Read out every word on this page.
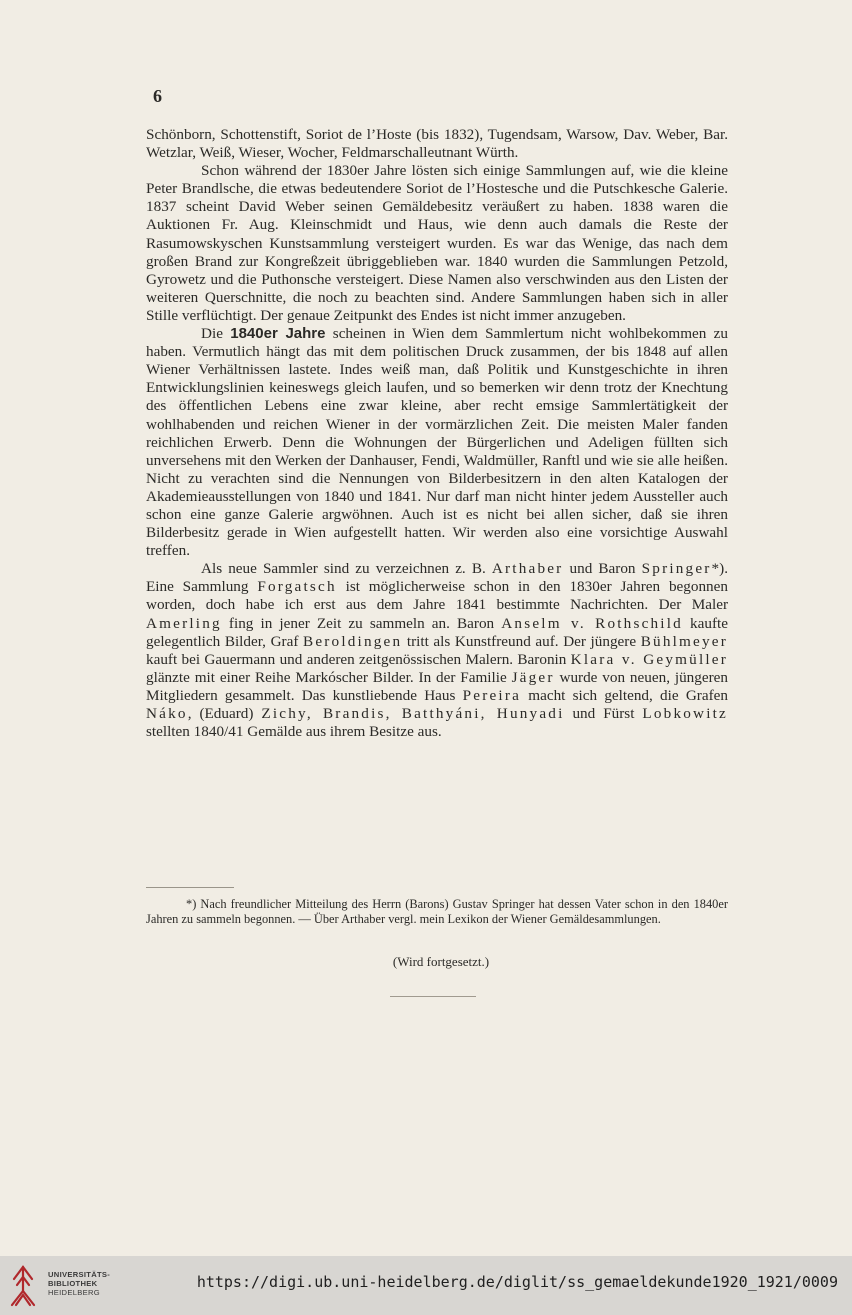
6

Schönborn, Schottenstift, Soriot de l’Hoste (bis 1832), Tugendsam, Warsow, Dav. Weber, Bar. Wetzlar, Weiß, Wieser, Wocher, Feldmarschalleutnant Würth.

Schon während der 1830er Jahre lösten sich einige Sammlungen auf, wie die kleine Peter Brandlsche, die etwas bedeutendere Soriot de l’Hostesche und die Putschkesche Galerie. 1837 scheint David Weber seinen Gemäldebesitz veräußert zu haben. 1838 waren die Auktionen Fr. Aug. Kleinschmidt und Haus, wie denn auch damals die Reste der Rasumowskyschen Kunstsammlung versteigert wurden. Es war das Wenige, das nach dem großen Brand zur Kongreßzeit übriggeblieben war. 1840 wurden die Sammlungen Petzold, Gyrowetz und die Puthonsche versteigert. Diese Namen also verschwinden aus den Listen der weiteren Querschnitte, die noch zu beachten sind. Andere Sammlungen haben sich in aller Stille verflüchtigt. Der genaue Zeitpunkt des Endes ist nicht immer anzugeben.

Die 1840er Jahre scheinen in Wien dem Sammlertum nicht wohlbekommen zu haben. Vermutlich hängt das mit dem politischen Druck zusammen, der bis 1848 auf allen Wiener Verhältnissen lastete. Indes weiß man, daß Politik und Kunstgeschichte in ihren Entwicklungslinien keineswegs gleich laufen, und so bemerken wir denn trotz der Knechtung des öffentlichen Lebens eine zwar kleine, aber recht emsige Sammlertätigkeit der wohlhabenden und reichen Wiener in der vormärzlichen Zeit. Die meisten Maler fanden reichlichen Erwerb. Denn die Wohnungen der Bürgerlichen und Adeligen füllten sich unversehens mit den Werken der Danhauser, Fendi, Waldmüller, Ranftl und wie sie alle heißen. Nicht zu verachten sind die Nennungen von Bilderbesitzern in den alten Katalogen der Akademieausstellungen von 1840 und 1841. Nur darf man nicht hinter jedem Aussteller auch schon eine ganze Galerie argwöhnen. Auch ist es nicht bei allen sicher, daß sie ihren Bilderbesitz gerade in Wien aufgestellt hatten. Wir werden also eine vorsichtige Auswahl treffen.

Als neue Sammler sind zu verzeichnen z. B. Arthaber und Baron Springer*). Eine Sammlung Forgatsch ist möglicherweise schon in den 1830er Jahren begonnen worden, doch habe ich erst aus dem Jahre 1841 bestimmte Nachrichten. Der Maler Amerling fing in jener Zeit zu sammeln an. Baron Anselm v. Rothschild kaufte gelegentlich Bilder, Graf Beroldingen tritt als Kunstfreund auf. Der jüngere Bühlmeyer kauft bei Gauermann und anderen zeitgenössischen Malern. Baronin Klara v. Geymüller glänzte mit einer Reihe Markóscher Bilder. In der Familie Jäger wurde von neuen, jüngeren Mitgliedern gesammelt. Das kunstliebende Haus Pereira macht sich geltend, die Grafen Náko, (Eduard) Zichy, Brandis, Batthyáni, Hunyadi und Fürst Lobkowitz stellten 1840/41 Gemälde aus ihrem Besitze aus.

*) Nach freundlicher Mitteilung des Herrn (Barons) Gustav Springer hat dessen Vater schon in den 1840er Jahren zu sammeln begonnen. — Über Arthaber vergl. mein Lexikon der Wiener Gemäldesammlungen.

(Wird fortgesetzt.)
UNIVERSITÄTS-
BIBLIOTHEK
HEIDELBERG
https://digi.ub.uni-heidelberg.de/diglit/ss_gemaeldekunde1920_1921/0009
